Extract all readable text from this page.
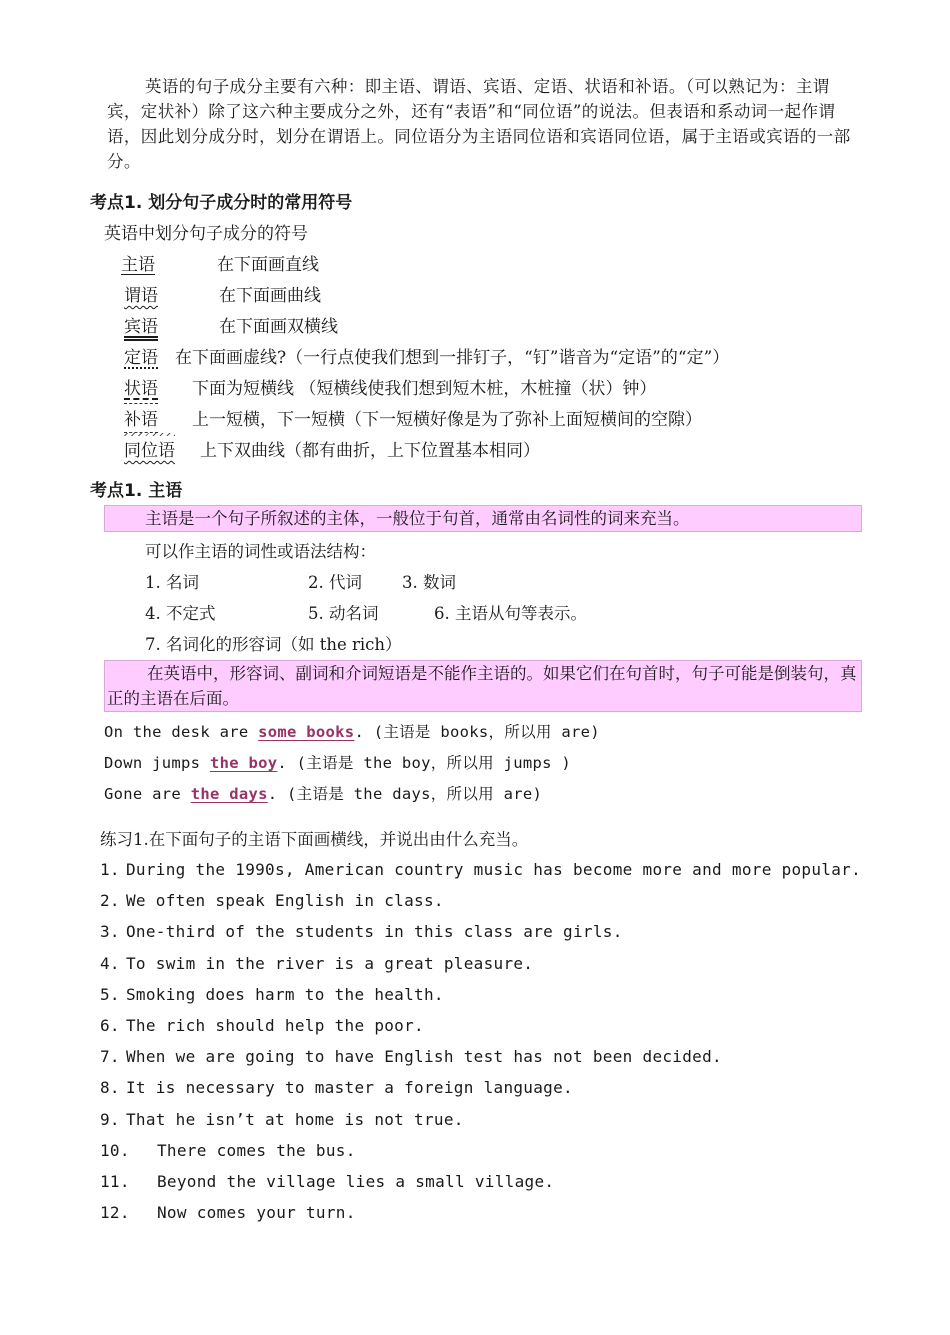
英语的句子成分主要有六种：即主语、谓语、宾语、定语、状语和补语。（可以熟记为：主谓宾，定状补）除了这六种主要成分之外，还有“表语”和“同位语”的说法。但表语和系动词一起作谓语，因此划分成分时，划分在谓语上。同位语分为主语同位语和宾语同位语，属于主语或宾语的一部分。
考点1. 划分句子成分时的常用符号
英语中划分句子成分的符号
主语	在下面画直线
谓语	在下面画曲线
宾语	在下面画双横线
定语 在下面画虚线?（一行点使我们想到一排钉子，“钉”谐音为“定语”的“定”）
状语 下面为短横线 （短横线使我们想到短木桩，木桩撞（状）钟）
补语 上一短横，下一短横（下一短横好像是为了弥补上面短横间的空隙）
同位语 上下双曲线（都有曲折，上下位置基本相同）
考点1. 主语
主语是一个句子所叙述的主体，一般位于句首，通常由名词性的词来充当。
可以作主语的词性或语法结构：
1. 名词	2. 代词 3. 数词
4. 不定式	5. 动名词	6. 主语从句等表示。
7. 名词化的形容词（如 the rich）
在英语中，形容词、副词和介词短语是不能作主语的。如果它们在句首时，句子可能是倒装句，真正的主语在后面。
On the desk are some books. (主语是 books，所以用 are)
Down jumps the boy. (主语是 the boy，所以用 jumps )
Gone are the days. (主语是 the days，所以用 are)
练习1.在下面句子的主语下面画横线，并说出由什么充当。
1. During the 1990s, American country music has become more and more popular.
2. We often speak English in class.
3. One-third of the students in this class are girls.
4. To swim in the river is a great pleasure.
5. Smoking does harm to the health.
6. The rich should help the poor.
7. When we are going to have English test has not been decided.
8. It is necessary to master a foreign language.
9. That he isn’t at home is not true.
10. There comes the bus.
11. Beyond the village lies a small village.
12. Now comes your turn.
